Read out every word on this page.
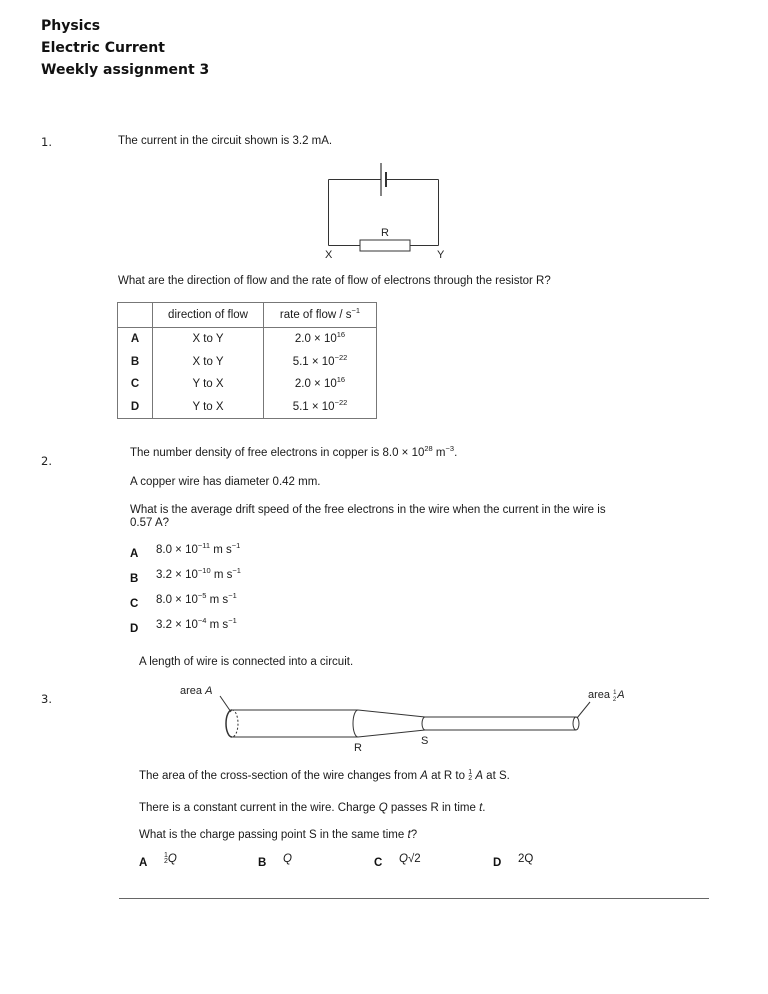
Physics
Electric Current
Weekly assignment 3
1.	The current in the circuit shown is 3.2 mA.
R
X	Y
What are the direction of flow and the rate of flow of electrons through the resistor R?
	direction of flow	rate of flow / $s^{-1}$
A	X to Y	$2.0 \times 10^{16}$
B	X to Y	$5.1 \times 10^{-22}$
C	Y to X	$2.0 \times 10^{16}$
D	Y to X	$5.1 \times 10^{-22}$
2.
The number density of free electrons in copper is $8.0 \times 10^{28}$ $m^{-3}$.
A copper wire has diameter 0.42 mm.
What is the average drift speed of the free electrons in the wire when the current in the wire is
0.57 A?
A $8.0 \times 10^{-11}$ m $s^{-1}$
B $3.2 \times 10^{-10}$ m $s^{-1}$
C $8.0 \times 10^{-5}$ m $s^{-1}$
D $3.2 \times 10^{-4}$ m $s^{-1}$
A length of wire is connected into a circuit.
3.
area A	area $^1$ 2A
R
S
The area of the cross-section of the wire changes from A at R to 1
2 A at S.
There is a constant current in the wire. Charge Q passes R in time t.
What is the charge passing point S in the same time t?
A
1
2 Q	B Q	C Q√2	D 2Q
